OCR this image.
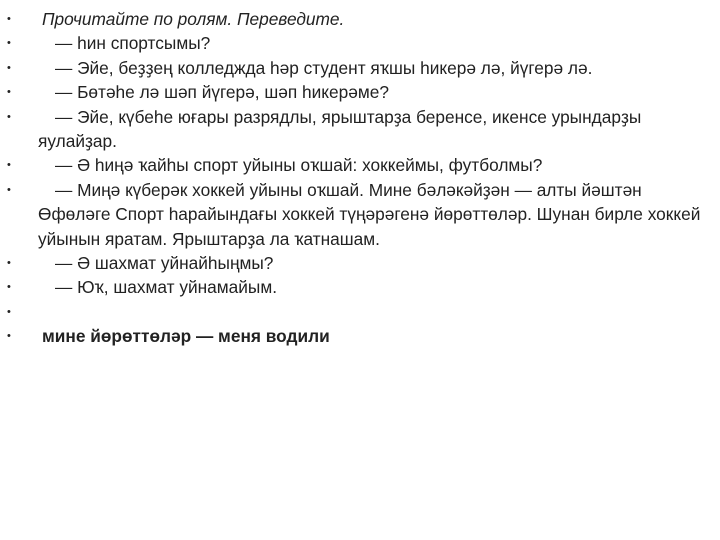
•	Прочитайте по ролям. Переведите.
•	— һин спортсымы?
•	— Эйе, беҙҙең колледжда һәр студент яҡшы һикерә лә, йүгерә лә.
•	— Бөтәһе лә шәп йүгерә, шәп һикерәме?
•	— Эйе, күбеһе юғары разрядлы, ярыштарҙа беренсе, икенсе урындарҙы яулайҙар.
•	— Ә һиңә ҡайһы спорт уйыны оҡшай: хоккеймы, футболмы?
•	— Миңә күберәк хоккей уйыны оҡшай. Мине бәләкәйҙән — алты йәштән Өфөләге Спорт һарайындағы хоккей түңәрәгенә йөрөттөләр. Шунан бирле хоккей уйынын яратам. Ярыштарҙа ла ҡатнашам.
•	— Ә шахмат уйнайһыңмы?
•	— Юҡ, шахмат уйнамайым.
•
•	мине йөрөттөләр — меня водили
